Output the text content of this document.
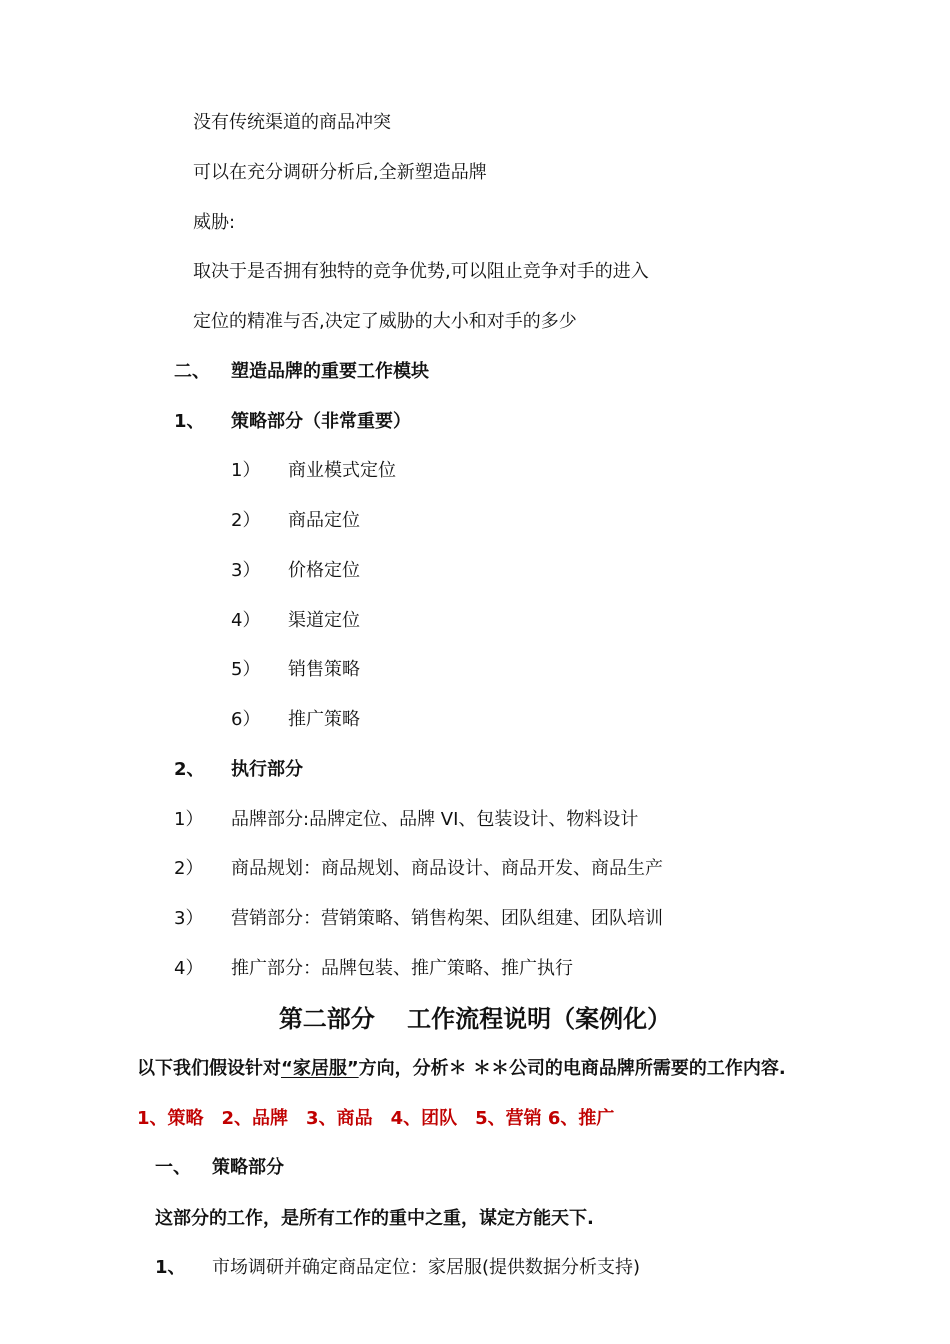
没有传统渠道的商品冲突
可以在充分调研分析后,全新塑造品牌
威胁:
取决于是否拥有独特的竞争优势,可以阻止竞争对手的进入
定位的精准与否,决定了威胁的大小和对手的多少
二、 塑造品牌的重要工作模块
1、 策略部分（非常重要）
1） 商业模式定位
2） 商品定位
3） 价格定位
4） 渠道定位
5） 销售策略
6） 推广策略
2、 执行部分
1） 品牌部分:品牌定位、品牌 VI、包装设计、物料设计
2） 商品规划：商品规划、商品设计、商品开发、商品生产
3） 营销部分：营销策略、销售构架、团队组建、团队培训
4） 推广部分：品牌包装、推广策略、推广执行
第二部分　 工作流程说明（案例化）
以下我们假设针对“家居服”方向，分析＊ ＊＊公司的电商品牌所需要的工作内容.
1、策略　2、品牌　3、商品　4、团队　5、营销 6、推广
一、 策略部分
这部分的工作，是所有工作的重中之重，谋定方能天下.
1、 市场调研并确定商品定位：家居服(提供数据分析支持)
